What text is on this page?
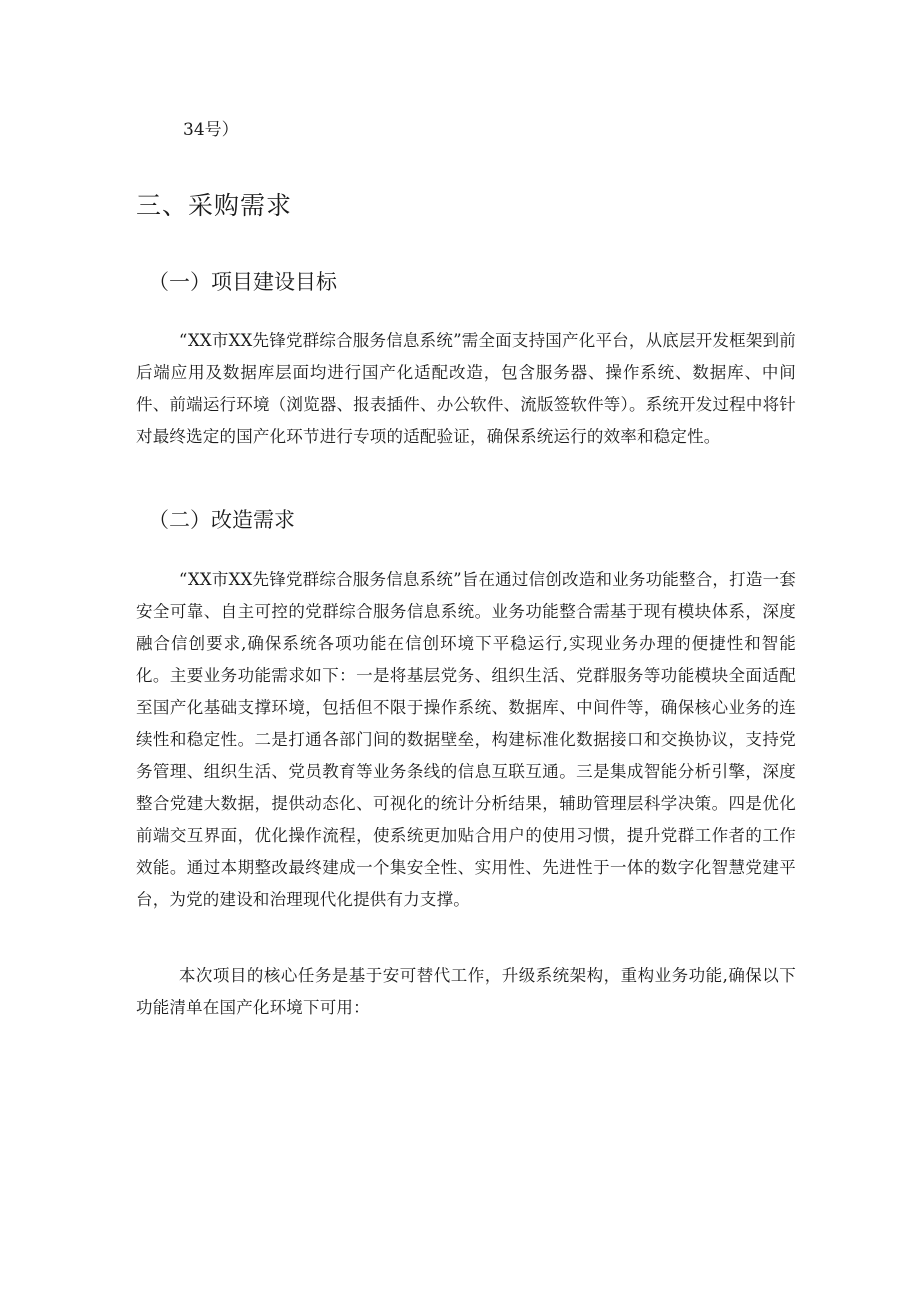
34号）
三、采购需求
（一）项目建设目标

“XX市XX先锋党群综合服务信息系统”需全面支持国产化平台，从底层开发框架到前后端应用及数据库层面均进行国产化适配改造，包含服务器、操作系统、数据库、中间件、前端运行环境（浏览器、报表插件、办公软件、流版签软件等）。系统开发过程中将针对最终选定的国产化环节进行专项的适配验证，确保系统运行的效率和稳定性。

（二）改造需求

“XX市XX先锋党群综合服务信息系统”旨在通过信创改造和业务功能整合，打造一套安全可靠、自主可控的党群综合服务信息系统。业务功能整合需基于现有模块体系，深度融合信创要求,确保系统各项功能在信创环境下平稳运行,实现业务办理的便捷性和智能化。主要业务功能需求如下：一是将基层党务、组织生活、党群服务等功能模块全面适配至国产化基础支撑环境，包括但不限于操作系统、数据库、中间件等，确保核心业务的连续性和稳定性。二是打通各部门间的数据壁垒，构建标准化数据接口和交换协议，支持党务管理、组织生活、党员教育等业务条线的信息互联互通。三是集成智能分析引擎，深度整合党建大数据，提供动态化、可视化的统计分析结果，辅助管理层科学决策。四是优化前端交互界面，优化操作流程，使系统更加贴合用户的使用习惯，提升党群工作者的工作效能。通过本期整改最终建成一个集安全性、实用性、先进性于一体的数字化智慧党建平台，为党的建设和治理现代化提供有力支撑。

本次项目的核心任务是基于安可替代工作，升级系统架构，重构业务功能,确保以下功能清单在国产化环境下可用：
